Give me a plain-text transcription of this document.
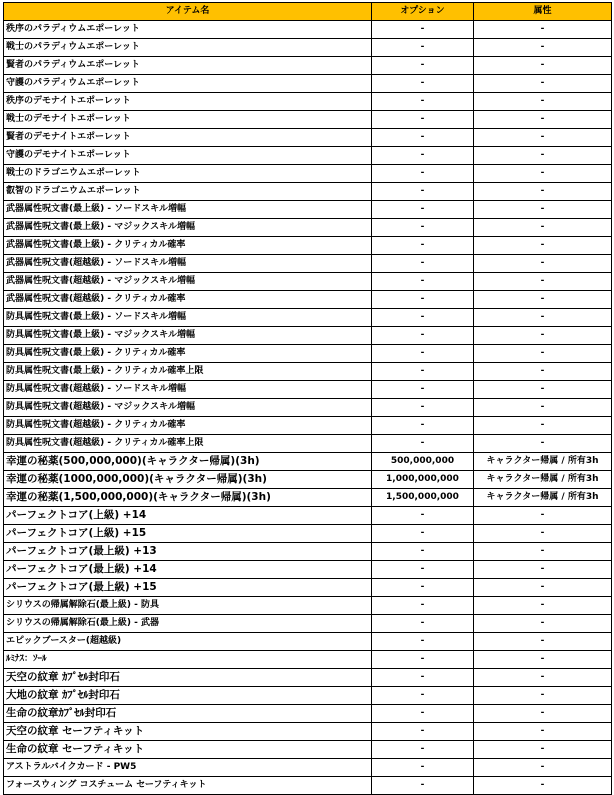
アイテム名	オプション	属性
秩序のパラディウムエポーレット	-	-
戦士のパラディウムエポーレット	-	-
賢者のパラディウムエポーレット	-	-
守護のパラディウムエポーレット	-	-
秩序のデモナイトエポーレット	-	-
戦士のデモナイトエポーレット	-	-
賢者のデモナイトエポーレット	-	-
守護のデモナイトエポーレット	-	-
戦士のドラゴニウムエポーレット	-	-
叡智のドラゴニウムエポーレット	-	-
武器属性呪文書(最上級) - ソードスキル増幅	-	-
武器属性呪文書(最上級) - マジックスキル増幅	-	-
武器属性呪文書(最上級) - クリティカル確率	-	-
武器属性呪文書(超越級) - ソードスキル増幅	-	-
武器属性呪文書(超越級) - マジックスキル増幅	-	-
武器属性呪文書(超越級) - クリティカル確率	-	-
防具属性呪文書(最上級) - ソードスキル増幅	-	-
防具属性呪文書(最上級) - マジックスキル増幅	-	-
防具属性呪文書(最上級) - クリティカル確率	-	-
防具属性呪文書(最上級) - クリティカル確率上限	-	-
防具属性呪文書(超越級) - ソードスキル増幅	-	-
防具属性呪文書(超越級) - マジックスキル増幅	-	-
防具属性呪文書(超越級) - クリティカル確率	-	-
防具属性呪文書(超越級) - クリティカル確率上限	-	-
幸運の秘薬(500,000,000)(キャラクター帰属)(3h)	500,000,000	キャラクター帰属 / 所有3h
幸運の秘薬(1000,000,000)(キャラクター帰属)(3h)	1,000,000,000	キャラクター帰属 / 所有3h
幸運の秘薬(1,500,000,000)(キャラクター帰属)(3h)	1,500,000,000	キャラクター帰属 / 所有3h
パーフェクトコア(上級) +14	-	-
パーフェクトコア(上級) +15	-	-
パーフェクトコア(最上級) +13	-	-
パーフェクトコア(最上級) +14	-	-
パーフェクトコア(最上級) +15	-	-
シリウスの帰属解除石(最上級) - 防具	-	-
シリウスの帰属解除石(最上級) - 武器	-	-
エピックブースター(超越級)	-	-
ﾙﾐﾅｽ：ｿｰﾙ	-	-
天空の紋章 ｶﾌﾟｾﾙ封印石	-	-
大地の紋章 ｶﾌﾟｾﾙ封印石	-	-
生命の紋章ｶﾌﾟｾﾙ封印石	-	-
天空の紋章 セーフティキット	-	-
生命の紋章 セーフティキット	-	-
アストラルバイクカード - PW5	-	-
フォースウィング コスチューム セーフティキット	-	-
